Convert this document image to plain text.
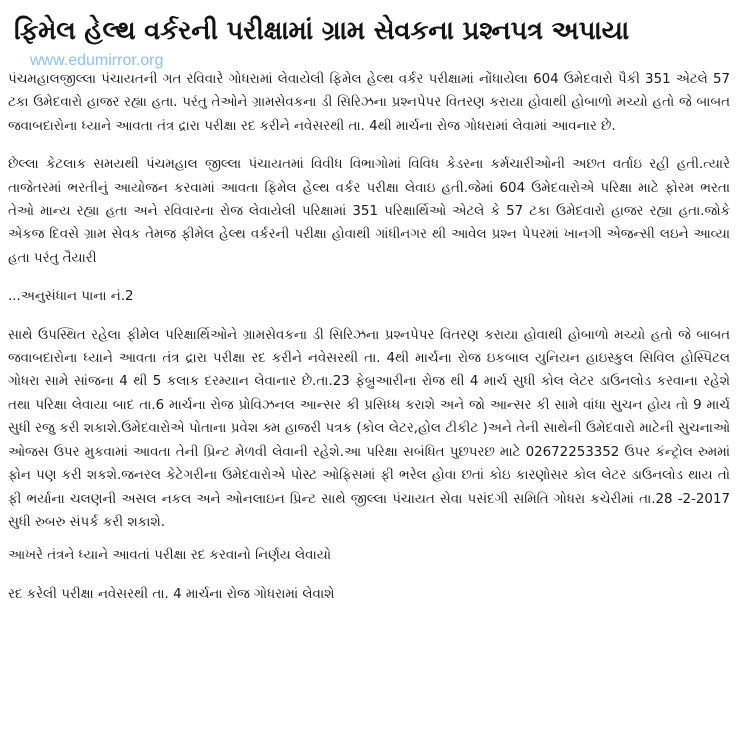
ફિમેલ હેલ્થ વર્કરની પરીક્ષામાં ગ્રામ સેવકના પ્રશ્નપત્ર અપાયા
www.edumirror.org

પંચમહાલજીલ્લા પંચાયતની ગત રવિવારે ગોધરામાં લેવાયેલી ફિમેલ હેલ્થ વર્કર પરીક્ષામાં નોંધાયેલા 604 ઉમેદવારો પૈકી 351 એટલે 57 ટકા ઉમેદવારો હાજર રહ્યા હતા. પરંતુ તેઓને ગ્રામસેવકના ડી સિરિઝના પ્રશ્નપેપર વિતરણ કરાયા હોવાથી હોબાળો મચ્યો હતો જે બાબત જવાબદારોના ધ્યાને આવતા તંત્ર દ્રારા પરીક્ષા રદ કરીને નવેસરથી તા. 4થી માર્ચના રોજ ગોધરામાં લેવામાં આવનાર છે.

છેલ્લા કેટલાક સમયથી પંચમહાલ જીલ્લા પંચાયતમાં વિવીધ વિભાગોમાં વિવિધ કેડરના કર્મચારીઓની અછત વર્તાઇ રહી હતી.ત્યારે તાજેતરમાં ભરતીનું આયોજન કરવામાં આવતા ફિમેલ હેલ્થ વર્કર પરીક્ષા લેવાઇ હતી.જેમાં 604 ઉમેદવારોએ પરિક્ષા માટે ફોરમ ભરતા તેઓ માન્ય રહ્યા હતા અને રવિવારના રોજ લેવાયેલી પરિક્ષામાં 351 પરિક્ષાર્થિઓ એટલે કે 57 ટકા ઉમેદવારો હાજર રહ્યા હતા.જોકે એકજ દિવસે ગ્રામ સેવક તેમજ ફીમેલ હેલ્થ વર્કરની પરીક્ષા હોવાથી ગાંધીનગર થી આવેલ પ્રશ્ન પેપરમાં ખાનગી એજન્સી લઇને આવ્યા હતા પરંતુ તૈયારી

...અનુસંધાન પાના નં.2

સાથે ઉપસ્થિત રહેલા ફીમેલ પરિક્ષાર્થિઓને ગ્રામસેવકના ડી સિરિઝના પ્રશ્નપેપર વિતરણ કરાયા હોવાથી હોબાળો મચ્યો હતો જે બાબત જવાબદારોના ધ્યાને આવતા તંત્ર દ્રારા પરીક્ષા રદ કરીને નવેસરથી તા. 4થી માર્ચના રોજ ઇકબાલ યુનિયન હાઇસ્કુલ સિવિલ હોસ્પિટલ ગોધરા સામે સાંજના 4 થી 5 કલાક દરમ્યાન લેવાનાર છે.તા.23 ફેબ્રુઆરીના રોજ થી 4 માર્ચ સુધી કોલ લેટર ડાઉનલોડ કરવાના રહેશે તથા પરિક્ષા લેવાયા બાદ તા.6 માર્ચના રોજ પ્રોવિઝનલ આન્સર કી પ્રસિધ્ધ કરાશે અને જો આન્સર કી સામે વાંધા સુચન હોય તો 9 માર્ચ સુધી રજુ કરી શકાશે.ઉમેદવારોએ પોતાના પ્રવેશ ક્મ હાજરી પત્રક (કોલ લેટર,હોલ ટીકીટ )અને તેની સાથેની ઉમેદવારો માટેની સુચનાઓ ઓજસ ઉપર મુકવામાં આવતા તેની પ્રિન્ટ મેળવી લેવાની રહેશે.આ પરિક્ષા સબંધિત પુછપરછ માટે 02672253352 ઉપર કંન્ટ્રોલ રુમમાં ફોન પણ કરી શકશે.જનરલ કેટેગરીના ઉમેદવારોએ પોસ્ટ ઓફિસમાં ફી ભરેલ હોવા છતાં કોઇ કારણોસર કોલ લેટર ડાઉનલોડ થાય તો ફી ભર્યાના ચલણની અસલ નકલ અને ઓનલાઇન પ્રિન્ટ સાથે જીલ્લા પંચાયત સેવા પસંદગી સમિતિ ગોધરા કચેરીમાં તા.28 -2-2017 સુધી રુબરુ સંપર્ક કરી શકાશે.

આખરે તંત્રને ધ્યાને આવતાં પરીક્ષા રદ કરવાનો નિર્ણય લેવાયો

રદ કરેલી પરીક્ષા નવેસરથી તા. 4 માર્ચના રોજ ગોધરામાં લેવાશે
